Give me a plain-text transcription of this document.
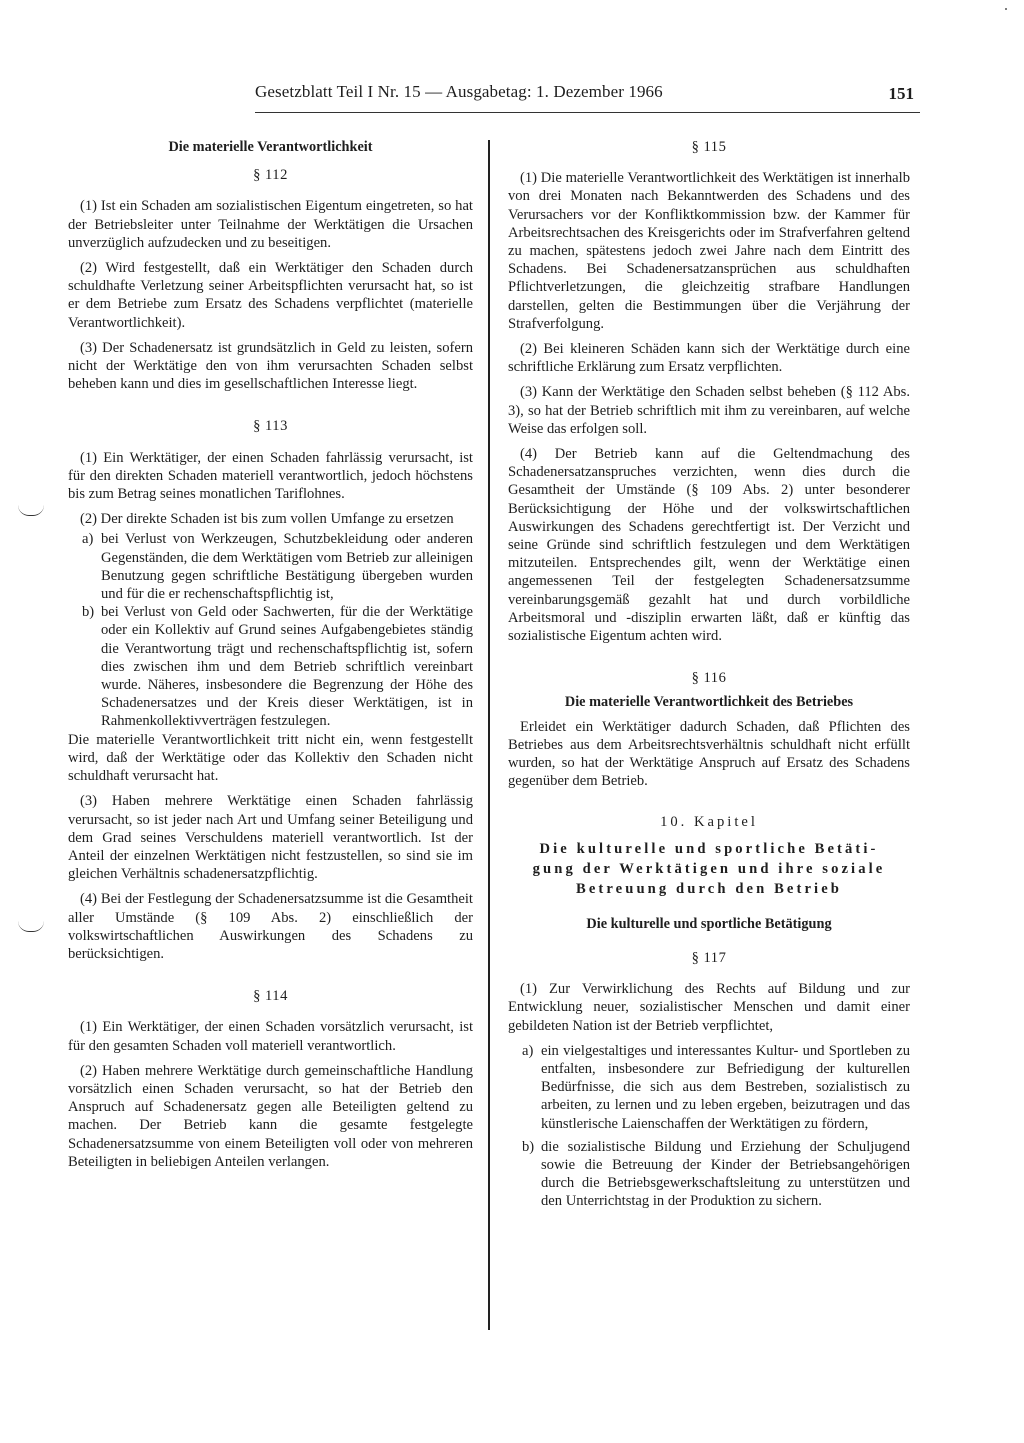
Gesetzblatt Teil I Nr. 15 — Ausgabetag: 1. Dezember 1966	151
Die materielle Verantwortlichkeit
§ 112

(1) Ist ein Schaden am sozialistischen Eigentum eingetreten, so hat der Betriebsleiter unter Teilnahme der Werktätigen die Ursachen unverzüglich aufzudecken und zu beseitigen.

(2) Wird festgestellt, daß ein Werktätiger den Schaden durch schuldhafte Verletzung seiner Arbeitspflichten verursacht hat, so ist er dem Betriebe zum Ersatz des Schadens verpflichtet (materielle Verantwortlichkeit).

(3) Der Schadenersatz ist grundsätzlich in Geld zu leisten, sofern nicht der Werktätige den von ihm verursachten Schaden selbst beheben kann und dies im gesellschaftlichen Interesse liegt.

§ 113

(1) Ein Werktätiger, der einen Schaden fahrlässig verursacht, ist für den direkten Schaden materiell verantwortlich, jedoch höchstens bis zum Betrag seines monatlichen Tariflohnes.

(2) Der direkte Schaden ist bis zum vollen Umfange zu ersetzen

a) bei Verlust von Werkzeugen, Schutzbekleidung oder anderen Gegenständen, die dem Werktätigen vom Betrieb zur alleinigen Benutzung gegen schriftliche Bestätigung übergeben wurden und für die er rechenschaftspflichtig ist,
b) bei Verlust von Geld oder Sachwerten, für die der Werktätige oder ein Kollektiv auf Grund seines Aufgabengebietes ständig die Verantwortung trägt und rechenschaftspflichtig ist, sofern dies zwischen ihm und dem Betrieb schriftlich vereinbart wurde. Näheres, insbesondere die Begrenzung der Höhe des Schadenersatzes und der Kreis dieser Werktätigen, ist in Rahmenkollektivverträgen festzulegen.

Die materielle Verantwortlichkeit tritt nicht ein, wenn festgestellt wird, daß der Werktätige oder das Kollektiv den Schaden nicht schuldhaft verursacht hat.

(3) Haben mehrere Werktätige einen Schaden fahrlässig verursacht, so ist jeder nach Art und Umfang seiner Beteiligung und dem Grad seines Verschuldens materiell verantwortlich. Ist der Anteil der einzelnen Werktätigen nicht festzustellen, so sind sie im gleichen Verhältnis schadenersatzpflichtig.

(4) Bei der Festlegung der Schadenersatzsumme ist die Gesamtheit aller Umstände (§ 109 Abs. 2) einschließlich der volkswirtschaftlichen Auswirkungen des Schadens zu berücksichtigen.

§ 114

(1) Ein Werktätiger, der einen Schaden vorsätzlich verursacht, ist für den gesamten Schaden voll materiell verantwortlich.

(2) Haben mehrere Werktätige durch gemeinschaftliche Handlung vorsätzlich einen Schaden verursacht, so hat der Betrieb den Anspruch auf Schadenersatz gegen alle Beteiligten geltend zu machen. Der Betrieb kann die gesamte festgelegte Schadenersatzsumme von einem Beteiligten voll oder von mehreren Beteiligten in beliebigen Anteilen verlangen.

§ 115

(1) Die materielle Verantwortlichkeit des Werktätigen ist innerhalb von drei Monaten nach Bekanntwerden des Schadens und des Verursachers vor der Konfliktkommission bzw. der Kammer für Arbeitsrechtsachen des Kreisgerichts oder im Strafverfahren geltend zu machen, spätestens jedoch zwei Jahre nach dem Eintritt des Schadens. Bei Schadenersatzansprüchen aus schuldhaften Pflichtverletzungen, die gleichzeitig strafbare Handlungen darstellen, gelten die Bestimmungen über die Verjährung der Strafverfolgung.

(2) Bei kleineren Schäden kann sich der Werktätige durch eine schriftliche Erklärung zum Ersatz verpflichten.

(3) Kann der Werktätige den Schaden selbst beheben (§ 112 Abs. 3), so hat der Betrieb schriftlich mit ihm zu vereinbaren, auf welche Weise das erfolgen soll.

(4) Der Betrieb kann auf die Geltendmachung des Schadenersatzanspruches verzichten, wenn dies durch die Gesamtheit der Umstände (§ 109 Abs. 2) unter besonderer Berücksichtigung der Höhe und der volkswirtschaftlichen Auswirkungen des Schadens gerechtfertigt ist. Der Verzicht und seine Gründe sind schriftlich festzulegen und dem Werktätigen mitzuteilen. Entsprechendes gilt, wenn der Werktätige einen angemessenen Teil der festgelegten Schadenersatzsumme vereinbarungsgemäß gezahlt hat und durch vorbildliche Arbeitsmoral und -disziplin erwarten läßt, daß er künftig das sozialistische Eigentum achten wird.

§ 116
Die materielle Verantwortlichkeit des Betriebes

Erleidet ein Werktätiger dadurch Schaden, daß Pflichten des Betriebes aus dem Arbeitsrechtsverhältnis schuldhaft nicht erfüllt wurden, so hat der Werktätige Anspruch auf Ersatz des Schadens gegenüber dem Betrieb.

10. Kapitel
Die kulturelle und sportliche Betäti-
gung der Werktätigen und ihre soziale
Betreuung durch den Betrieb
Die kulturelle und sportliche Betätigung
§ 117

(1) Zur Verwirklichung des Rechts auf Bildung und zur Entwicklung neuer, sozialistischer Menschen und damit einer gebildeten Nation ist der Betrieb verpflichtet,

a) ein vielgestaltiges und interessantes Kultur- und Sportleben zu entfalten, insbesondere zur Befriedigung der kulturellen Bedürfnisse, die sich aus dem Bestreben, sozialistisch zu arbeiten, zu lernen und zu leben ergeben, beizutragen und das künstlerische Laienschaffen der Werktätigen zu fördern,
b) die sozialistische Bildung und Erziehung der Schuljugend sowie die Betreuung der Kinder der Betriebsangehörigen durch die Betriebsgewerkschaftsleitung zu unterstützen und den Unterrichtstag in der Produktion zu sichern.
